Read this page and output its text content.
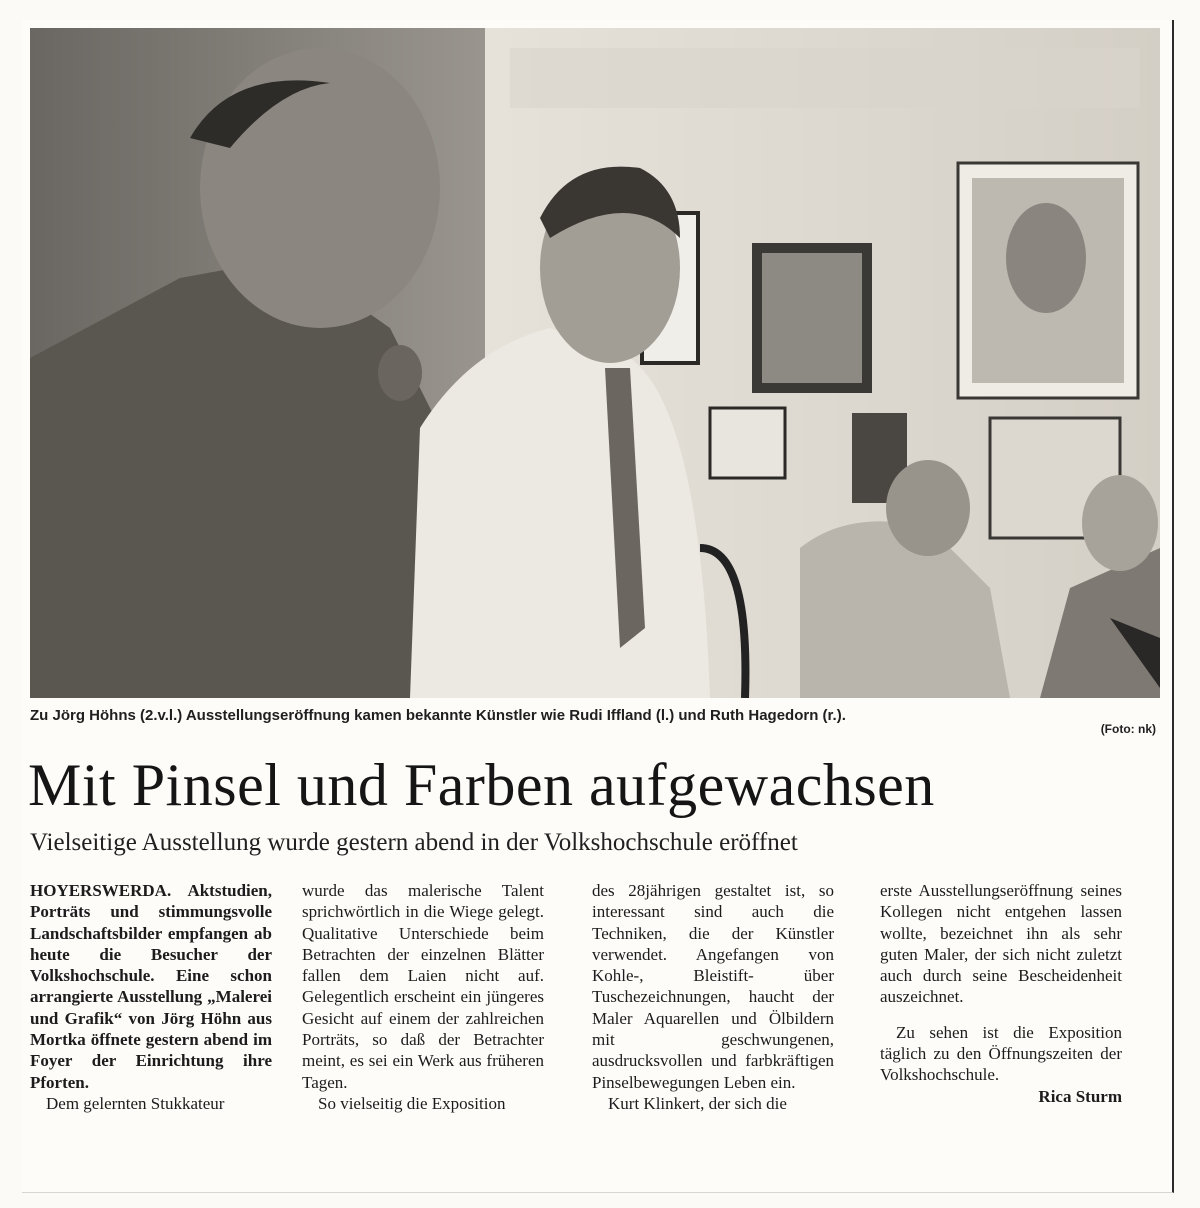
Zu Jörg Höhns (2.v.l.) Ausstellungseröffnung kamen bekannte Künstler wie Rudi Iffland (l.) und Ruth Hagedorn (r.).
(Foto: nk)
Mit Pinsel und Farben aufgewachsen
Vielseitige Ausstellung wurde gestern abend in der Volkshochschule eröffnet

HOYERSWERDA. Aktstudien, Porträts und stimmungsvolle Landschaftsbilder empfangen ab heute die Besucher der Volkshochschule. Eine schon arrangierte Ausstellung „Malerei und Grafik“ von Jörg Höhn aus Mortka öffnete gestern abend im Foyer der Einrichtung ihre Pforten.

Dem gelernten Stukkateur

wurde das malerische Talent sprichwörtlich in die Wiege gelegt. Qualitative Unterschiede beim Betrachten der einzelnen Blätter fallen dem Laien nicht auf. Gelegentlich erscheint ein jüngeres Gesicht auf einem der zahlreichen Porträts, so daß der Betrachter meint, es sei ein Werk aus früheren Tagen.

So vielseitig die Exposition

des 28jährigen gestaltet ist, so interessant sind auch die Techniken, die der Künstler verwendet. Angefangen von Kohle-, Bleistift- über Tuschezeichnungen, haucht der Maler Aquarellen und Ölbildern mit geschwungenen, ausdrucksvollen und farbkräftigen Pinselbewegungen Leben ein.

Kurt Klinkert, der sich die

erste Ausstellungseröffnung seines Kollegen nicht entgehen lassen wollte, bezeichnet ihn als sehr guten Maler, der sich nicht zuletzt auch durch seine Bescheidenheit auszeichnet.

Zu sehen ist die Exposition täglich zu den Öffnungszeiten der Volkshochschule.

Rica Sturm
